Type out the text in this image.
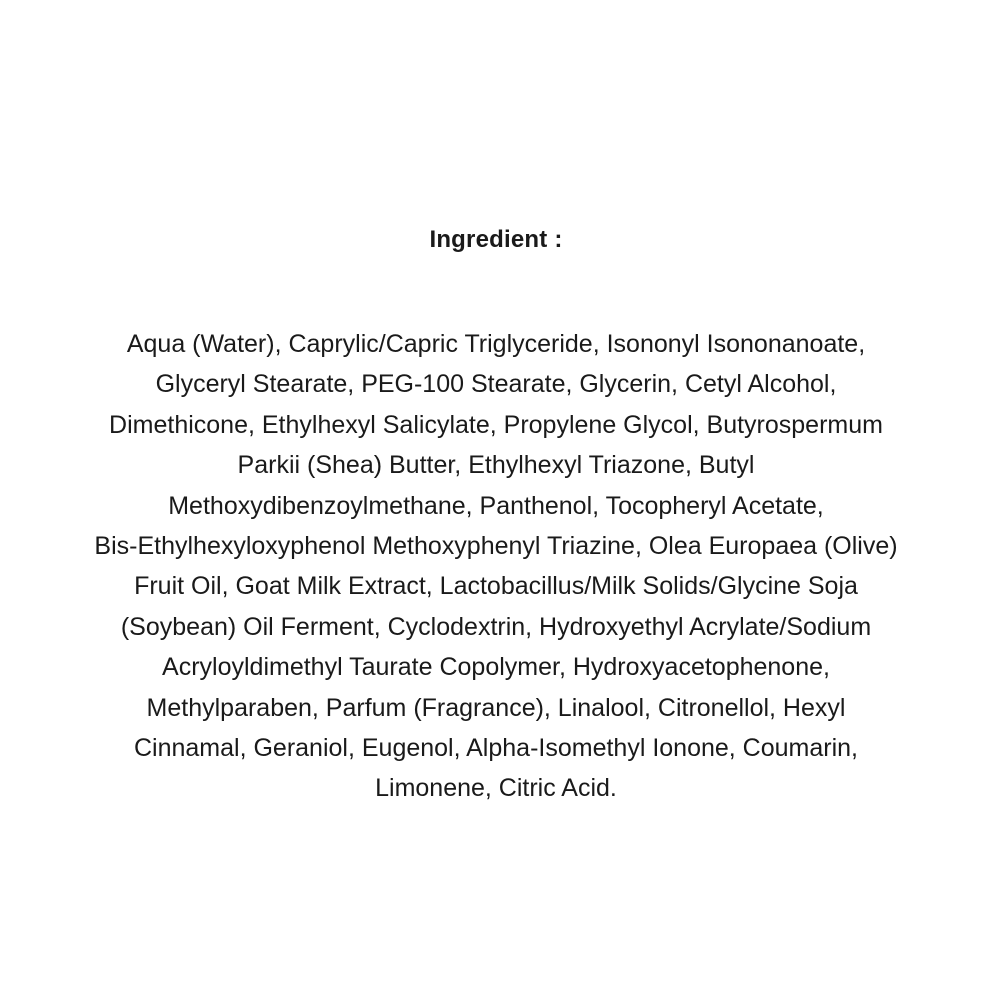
Ingredient :
Aqua (Water), Caprylic/Capric Triglyceride, Isononyl Isononanoate,
Glyceryl Stearate, PEG-100 Stearate, Glycerin, Cetyl Alcohol,
Dimethicone, Ethylhexyl Salicylate, Propylene Glycol, Butyrospermum
Parkii (Shea) Butter, Ethylhexyl Triazone, Butyl
Methoxydibenzoylmethane, Panthenol, Tocopheryl Acetate,
Bis-Ethylhexyloxyphenol Methoxyphenyl Triazine, Olea Europaea (Olive)
Fruit Oil, Goat Milk Extract, Lactobacillus/Milk Solids/Glycine Soja
(Soybean) Oil Ferment, Cyclodextrin, Hydroxyethyl Acrylate/Sodium
Acryloyldimethyl Taurate Copolymer, Hydroxyacetophenone,
Methylparaben, Parfum (Fragrance), Linalool, Citronellol, Hexyl
Cinnamal, Geraniol, Eugenol, Alpha-Isomethyl Ionone, Coumarin,
Limonene, Citric Acid.
